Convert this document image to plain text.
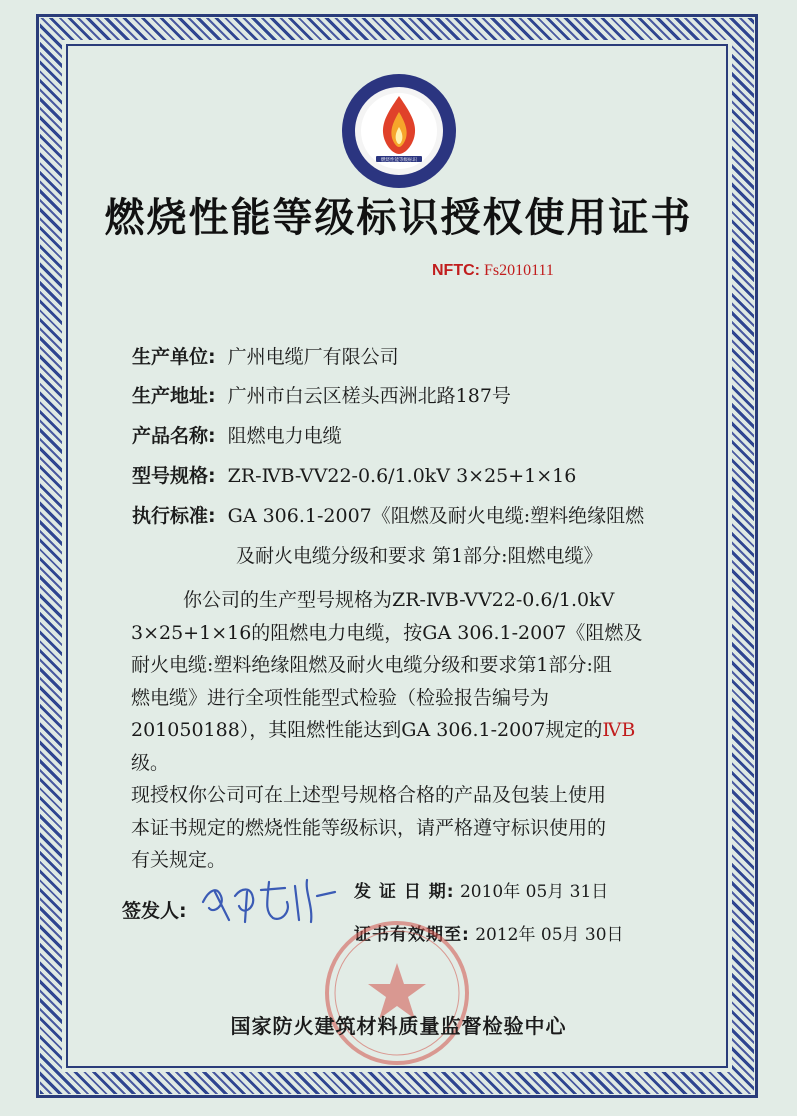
燃烧性能等级标识
燃烧性能等级标识授权使用证书
NFTC: Fs2010111
生产单位: 广州电缆厂有限公司
生产地址: 广州市白云区槎头西洲北路187号
产品名称: 阻燃电力电缆
型号规格: ZR-ⅣB-VV22-0.6/1.0kV 3×25+1×16
执行标准: GA 306.1-2007《阻燃及耐火电缆:塑料绝缘阻燃
及耐火电缆分级和要求 第1部分:阻燃电缆》
你公司的生产型号规格为ZR-ⅣB-VV22-0.6/1.0kV
3×25+1×16的阻燃电力电缆，按GA 306.1-2007《阻燃及
耐火电缆:塑料绝缘阻燃及耐火电缆分级和要求第1部分:阻
燃电缆》进行全项性能型式检验（检验报告编号为
201050188），其阻燃性能达到GA 306.1-2007规定的ⅣB级。
现授权你公司可在上述型号规格合格的产品及包装上使用
本证书规定的燃烧性能等级标识，请严格遵守标识使用的
有关规定。
签发人:
发 证 日 期: 2010年 05月 31日
证书有效期至: 2012年 05月 30日
国家防火建筑材料质量监督检验中心
